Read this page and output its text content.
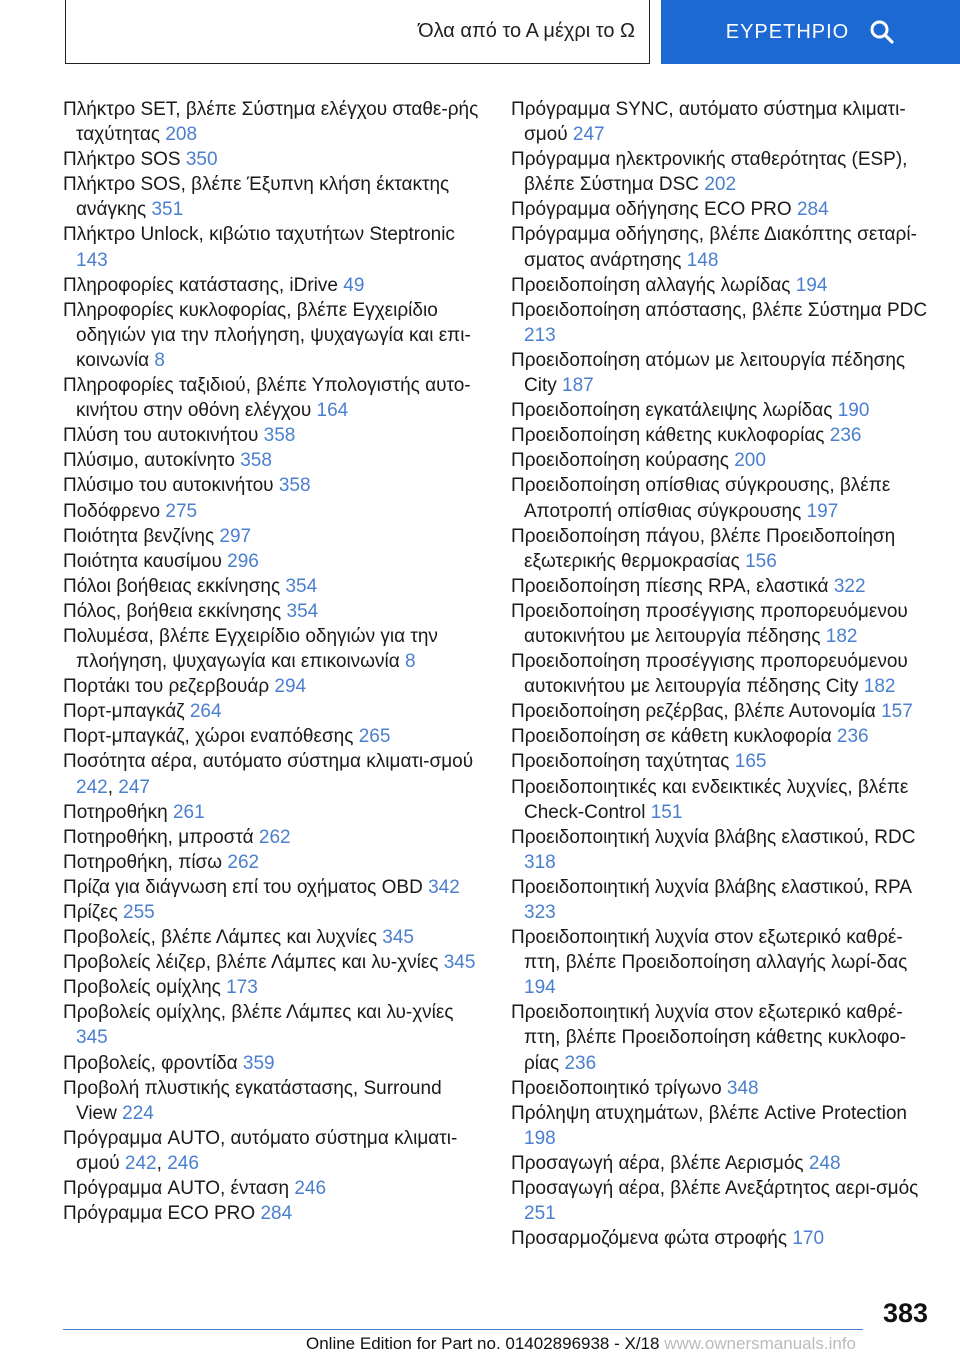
Όλα από το Α μέχρι το Ω	ΕΥΡΕΤΗΡΙΟ
Πλήκτρο SET, βλέπε Σύστημα ελέγχου σταθε-ρής ταχύτητας 208
Πλήκτρο SOS 350
Πλήκτρο SOS, βλέπε Έξυπνη κλήση έκτακτης ανάγκης 351
Πλήκτρο Unlock, κιβώτιο ταχυτήτων Steptronic 143
Πληροφορίες κατάστασης, iDrive 49
Πληροφορίες κυκλοφορίας, βλέπε Εγχειρίδιο οδηγιών για την πλοήγηση, ψυχαγωγία και επι-κοινωνία 8
Πληροφορίες ταξιδιού, βλέπε Υπολογιστής αυτο-κινήτου στην οθόνη ελέγχου 164
Πλύση του αυτοκινήτου 358
Πλύσιμο, αυτοκίνητο 358
Πλύσιμο του αυτοκινήτου 358
Ποδόφρενο 275
Ποιότητα βενζίνης 297
Ποιότητα καυσίμου 296
Πόλοι βοήθειας εκκίνησης 354
Πόλος, βοήθεια εκκίνησης 354
Πολυμέσα, βλέπε Εγχειρίδιο οδηγιών για την πλοήγηση, ψυχαγωγία και επικοινωνία 8
Πορτάκι του ρεζερβουάρ 294
Πορτ-μπαγκάζ 264
Πορτ-μπαγκάζ, χώροι εναπόθεσης 265
Ποσότητα αέρα, αυτόματο σύστημα κλιματι-σμού 242, 247
Ποτηροθήκη 261
Ποτηροθήκη, μπροστά 262
Ποτηροθήκη, πίσω 262
Πρίζα για διάγνωση επί του οχήματος OBD 342
Πρίζες 255
Προβολείς, βλέπε Λάμπες και λυχνίες 345
Προβολείς λέιζερ, βλέπε Λάμπες και λυ-χνίες 345
Προβολείς ομίχλης 173
Προβολείς ομίχλης, βλέπε Λάμπες και λυ-χνίες 345
Προβολείς, φροντίδα 359
Προβολή πλυστικής εγκατάστασης, Surround View 224
Πρόγραμμα AUTO, αυτόματο σύστημα κλιματι-σμού 242, 246
Πρόγραμμα AUTO, ένταση 246
Πρόγραμμα ECO PRO 284
Πρόγραμμα SYNC, αυτόματο σύστημα κλιματι-σμού 247
Πρόγραμμα ηλεκτρονικής σταθερότητας (ESP), βλέπε Σύστημα DSC 202
Πρόγραμμα οδήγησης ECO PRO 284
Πρόγραμμα οδήγησης, βλέπε Διακόπτης σεταρί-σματος ανάρτησης 148
Προειδοποίηση αλλαγής λωρίδας 194
Προειδοποίηση απόστασης, βλέπε Σύστημα PDC 213
Προειδοποίηση ατόμων με λειτουργία πέδησης City 187
Προειδοποίηση εγκατάλειψης λωρίδας 190
Προειδοποίηση κάθετης κυκλοφορίας 236
Προειδοποίηση κούρασης 200
Προειδοποίηση οπίσθιας σύγκρουσης, βλέπε Αποτροπή οπίσθιας σύγκρουσης 197
Προειδοποίηση πάγου, βλέπε Προειδοποίηση εξωτερικής θερμοκρασίας 156
Προειδοποίηση πίεσης RPA, ελαστικά 322
Προειδοποίηση προσέγγισης προπορευόμενου αυτοκινήτου με λειτουργία πέδησης 182
Προειδοποίηση προσέγγισης προπορευόμενου αυτοκινήτου με λειτουργία πέδησης City 182
Προειδοποίηση ρεζέρβας, βλέπε Αυτονομία 157
Προειδοποίηση σε κάθετη κυκλοφορία 236
Προειδοποίηση ταχύτητας 165
Προειδοποιητικές και ενδεικτικές λυχνίες, βλέπε Check-Control 151
Προειδοποιητική λυχνία βλάβης ελαστικού, RDC 318
Προειδοποιητική λυχνία βλάβης ελαστικού, RPA 323
Προειδοποιητική λυχνία στον εξωτερικό καθρέ-πτη, βλέπε Προειδοποίηση αλλαγής λωρί-δας 194
Προειδοποιητική λυχνία στον εξωτερικό καθρέ-πτη, βλέπε Προειδοποίηση κάθετης κυκλοφο-ρίας 236
Προειδοποιητικό τρίγωνο 348
Πρόληψη ατυχημάτων, βλέπε Active Protection 198
Προσαγωγή αέρα, βλέπε Αερισμός 248
Προσαγωγή αέρα, βλέπε Ανεξάρτητος αερι-σμός 251
Προσαρμοζόμενα φώτα στροφής 170
383
Online Edition for Part no. 01402896938 - X/18 www.ownersmanuals.info
